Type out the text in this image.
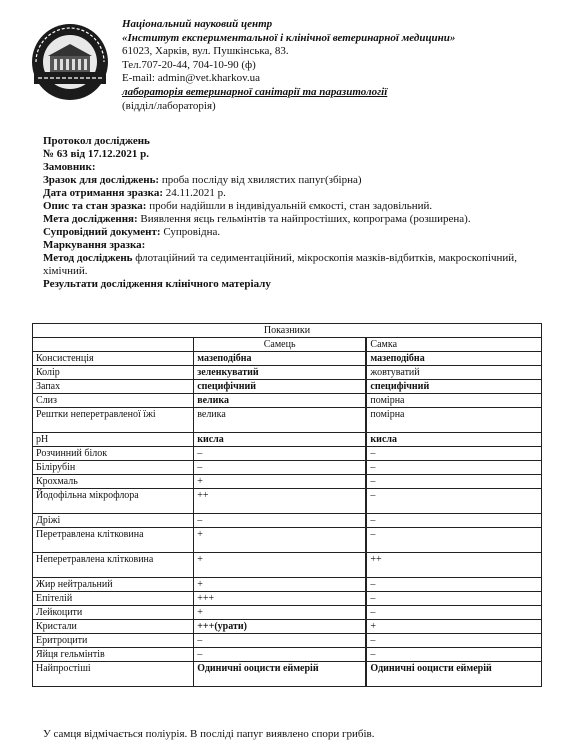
Національний науковий центр
«Інститут експериментальної і клінічної ветеринарної медицини»
61023, Харків, вул. Пушкінська, 83.
Тел.707-20-44, 704-10-90 (ф)
E-mail: admin@vet.kharkov.ua
лабораторія ветеринарної санітарії та паразитології
(відділ/лабораторія)
Протокол досліджень
№ 63 від 17.12.2021 р.
Замовник:
Зразок для досліджень: проба послідy від хвилястих папуг(збірна)
Дата отримання зразка: 24.11.2021 р.
Опис та стан зразка: проби надійшли в індивідуальній ємкості, стан задовільний.
Мета дослідження: Виявлення яєць гельмінтів та найпростіших, копрограма (розширена).
Супровідний документ: Супровідна.
Маркування зразка:
Метод досліджень флотаційний та седиментаційний, мікроскопія мазків-відбитків, макроскопічний, хімічний.
Результати дослідження клінічного матеріалу
Показники		
	Самець		Самка
Консистенція	мазеподібна		мазеподібна
Колір	зеленкуватий		жовтуватий
Запах	специфічний		специфічний
Слиз	велика		помірна
Рештки неперетравленої їжі	велика		помірна
рН	кисла		кисла
Розчинний білок	–		–
Білірубін	–		–
Крохмаль	+		–
Йодофільна мікрофлора	++		–
Дріжі	–		–
Перетравлена клітковина	+		–
Неперетравлена клітковина	+		++
Жир нейтральний	+		–
Епітелій	+++		–
Лейкоцити	+		–
Кристали	+++(урати)		+
Еритроцити	–		–
Яйця гельмінтів	–		–
Найпростіші	Одиничні ооцисти еймерій		Одиничні ооцисти еймерій
У самця відмічається поліурія. В послідi папуг виявлено спори грибів.
